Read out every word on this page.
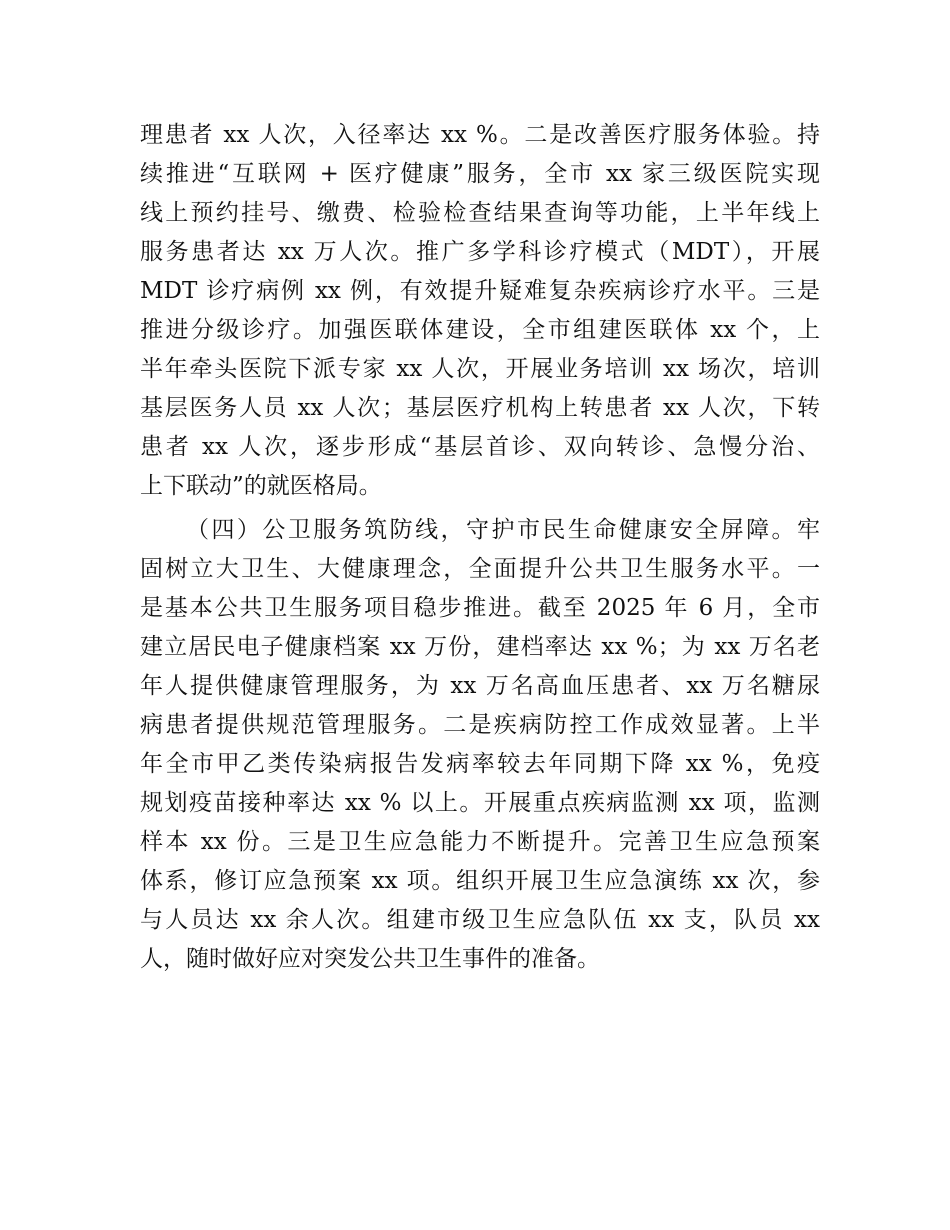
理患者 xx 人次，入径率达 xx %。二是改善医疗服务体验。持
续推进“互联网 + 医疗健康”服务，全市 xx 家三级医院实现
线上预约挂号、缴费、检验检查结果查询等功能，上半年线上
服务患者达 xx 万人次。推广多学科诊疗模式（MDT），开展
MDT 诊疗病例 xx 例，有效提升疑难复杂疾病诊疗水平。三是
推进分级诊疗。加强医联体建设，全市组建医联体 xx 个，上
半年牵头医院下派专家 xx 人次，开展业务培训 xx 场次，培训
基层医务人员 xx 人次；基层医疗机构上转患者 xx 人次，下转
患者 xx 人次，逐步形成“基层首诊、双向转诊、急慢分治、
上下联动”的就医格局。
（四）公卫服务筑防线，守护市民生命健康安全屏障。牢
固树立大卫生、大健康理念，全面提升公共卫生服务水平。一
是基本公共卫生服务项目稳步推进。截至 2025 年 6 月，全市
建立居民电子健康档案 xx 万份，建档率达 xx %；为 xx 万名老
年人提供健康管理服务，为 xx 万名高血压患者、xx 万名糖尿
病患者提供规范管理服务。二是疾病防控工作成效显著。上半
年全市甲乙类传染病报告发病率较去年同期下降 xx %，免疫
规划疫苗接种率达 xx % 以上。开展重点疾病监测 xx 项，监测
样本 xx 份。三是卫生应急能力不断提升。完善卫生应急预案
体系，修订应急预案 xx 项。组织开展卫生应急演练 xx 次，参
与人员达 xx 余人次。组建市级卫生应急队伍 xx 支，队员 xx
人，随时做好应对突发公共卫生事件的准备。
